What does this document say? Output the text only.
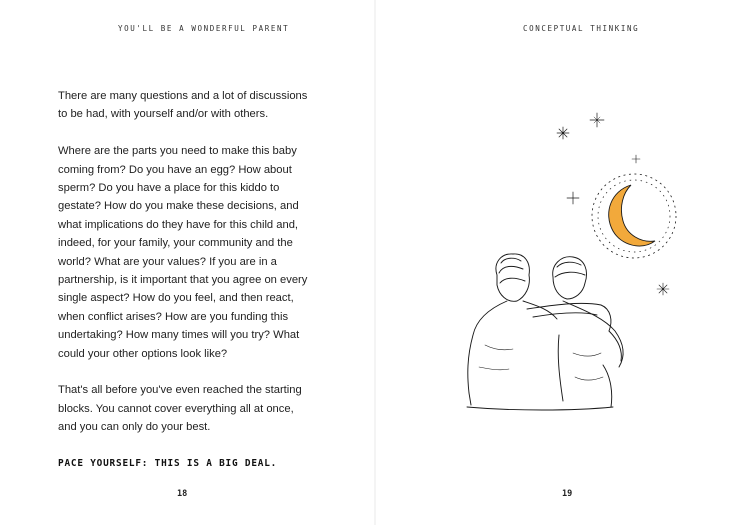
YOU'LL BE A WONDERFUL PARENT

There are many questions and a lot of discussions to be had, with yourself and/or with others.

Where are the parts you need to make this baby coming from? Do you have an egg? How about sperm? Do you have a place for this kiddo to gestate? How do you make these decisions, and what implications do they have for this child and, indeed, for your family, your community and the world? What are your values? If you are in a partnership, is it important that you agree on every single aspect? How do you feel, and then react, when conflict arises? How are you funding this undertaking? How many times will you try? What could your other options look like?

That's all before you've even reached the starting blocks. You cannot cover everything all at once, and you can only do your best.

PACE YOURSELF: THIS IS A BIG DEAL.
18
CONCEPTUAL THINKING
19
